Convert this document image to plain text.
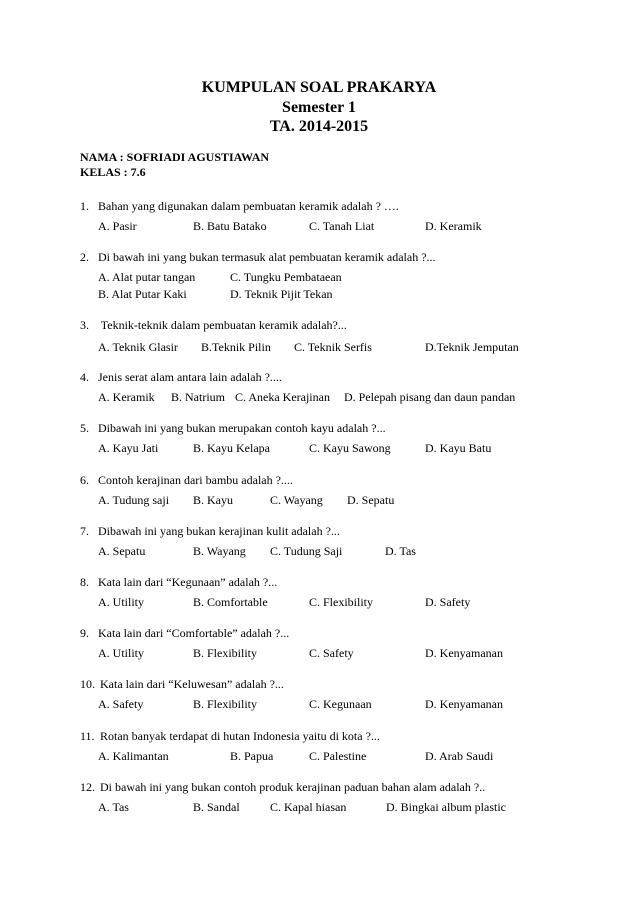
KUMPULAN SOAL PRAKARYA
Semester 1
TA. 2014-2015
NAMA : SOFRIADI AGUSTIAWAN
KELAS : 7.6
1. Bahan yang digunakan dalam pembuatan keramik adalah ? ….
A. Pasir	B. Batu Batako	C. Tanah Liat	D. Keramik
2. Di bawah ini yang bukan termasuk alat pembuatan keramik adalah ?...
A. Alat putar tangan	C. Tungku Pembataean
B. Alat Putar Kaki	D. Teknik Pijit Tekan
3. Teknik-teknik dalam pembuatan keramik adalah?...
A. Teknik Glasir B.Teknik Pilin C. Teknik Serfis	D.Teknik Jemputan
4. Jenis serat alam antara lain adalah ?....
A. Keramik B. Natrium C. Aneka Kerajinan D. Pelepah pisang dan daun pandan
5. Dibawah ini yang bukan merupakan contoh kayu adalah ?...
A. Kayu Jati	B. Kayu Kelapa	C. Kayu Sawong	D. Kayu Batu
6. Contoh kerajinan dari bambu adalah ?....
A. Tudung saji B. Kayu	C. Wayang D. Sepatu
7. Dibawah ini yang bukan kerajinan kulit adalah ?...
A. Sepatu	B. Wayang C. Tudung Saji	D. Tas
8. Kata lain dari “Kegunaan” adalah ?...
A. Utility	B. Comfortable	C. Flexibility	D. Safety
9. Kata lain dari “Comfortable” adalah ?...
A. Utility	B. Flexibility	C. Safety	D. Kenyamanan
10. Kata lain dari “Keluwesan” adalah ?...
A. Safety	B. Flexibility	C. Kegunaan	D. Kenyamanan
11. Rotan banyak terdapat di hutan Indonesia yaitu di kota ?...
A. Kalimantan	B. Papua	C. Palestine	D. Arab Saudi
12. Di bawah ini yang bukan contoh produk kerajinan paduan bahan alam adalah ?..
A. Tas	B. Sandal	C. Kapal hiasan	D. Bingkai album plastic
